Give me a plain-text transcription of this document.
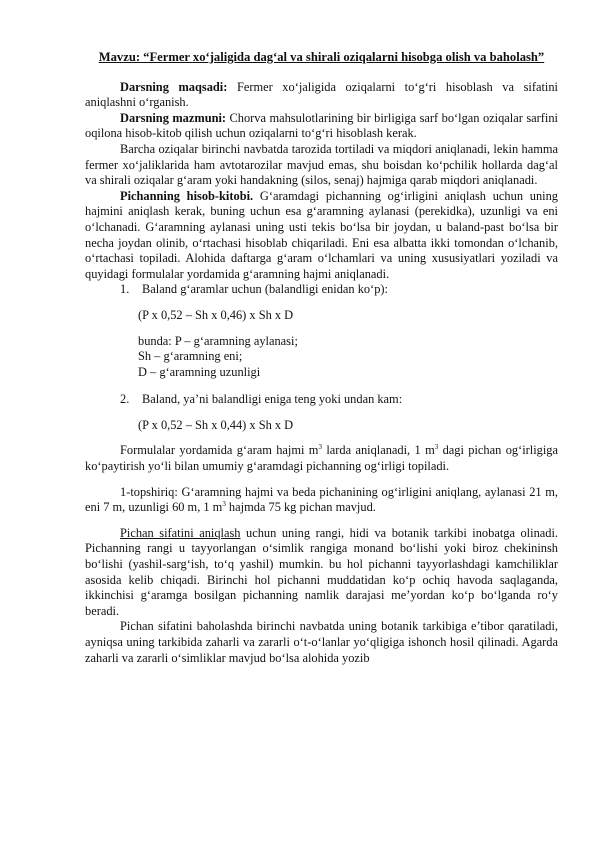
Mavzu: “Fermer xo‘jaligida dag‘al va shirali oziqalarni hisobga olish va baholash”

Darsning maqsadi: Fermer xo‘jaligida oziqalarni to‘g‘ri hisoblash va sifatini aniqlashni o‘rganish.

Darsning mazmuni: Chorva mahsulotlarining bir birligiga sarf bo‘lgan oziqalar sarfini oqilona hisob-kitob qilish uchun oziqalarni to‘g‘ri hisoblash kerak.

Barcha oziqalar birinchi navbatda tarozida tortiladi va miqdori aniqlanadi, lekin hamma fermer xo‘jaliklarida ham avtotarozilar mavjud emas, shu boisdan ko‘pchilik hollarda dag‘al va shirali oziqalar g‘aram yoki handakning (silos, senaj) hajmiga qarab miqdori aniqlanadi.

Pichanning hisob-kitobi. G‘aramdagi pichanning og‘irligini aniqlash uchun uning hajmini aniqlash kerak, buning uchun esa g‘aramning aylanasi (perekidka), uzunligi va eni o‘lchanadi. G‘aramning aylanasi uning usti tekis bo‘lsa bir joydan, u baland-past bo‘lsa bir necha joydan olinib, o‘rtachasi hisoblab chiqariladi. Eni esa albatta ikki tomondan o‘lchanib, o‘rtachasi topiladi. Alohida daftarga g‘aram o‘lchamlari va uning xususiyatlari yoziladi va quyidagi formulalar yordamida g‘aramning hajmi aniqlanadi.

1. Baland g‘aramlar uchun (balandligi enidan ko‘p):
(P x 0,52 – Sh x 0,46) x Sh x D
bunda: P – g‘aramning aylanasi;
Sh – g‘aramning eni;
D – g‘aramning uzunligi
2. Baland, ya’ni balandligi eniga teng yoki undan kam:
(P x 0,52 – Sh x 0,44) x Sh x D

Formulalar yordamida g‘aram hajmi $m^3$ larda aniqlanadi, 1 $m^3$ dagi pichan og‘irligiga ko‘paytirish yo‘li bilan umumiy g‘aramdagi pichanning og‘irligi topiladi.

1-topshiriq: G‘aramning hajmi va beda pichanining og‘irligini aniqlang, aylanasi 21 m, eni 7 m, uzunligi 60 m, 1 $m^3$ hajmda 75 kg pichan mavjud.

Pichan sifatini aniqlash uchun uning rangi, hidi va botanik tarkibi inobatga olinadi. Pichanning rangi u tayyorlangan o‘simlik rangiga monand bo‘lishi yoki biroz chekininsh bo‘lishi (yashil-sarg‘ish, to‘q yashil) mumkin. bu hol pichanni tayyorlashdagi kamchiliklar asosida kelib chiqadi. Birinchi hol pichanni muddatidan ko‘p ochiq havoda saqlaganda, ikkinchisi g‘aramga bosilgan pichanning namlik darajasi me’yordan ko‘p bo‘lganda ro‘y beradi.

Pichan sifatini baholashda birinchi navbatda uning botanik tarkibiga e’tibor qaratiladi, ayniqsa uning tarkibida zaharli va zararli o‘t-o‘lanlar yo‘qligiga ishonch hosil qilinadi. Agarda zaharli va zararli o‘simliklar mavjud bo‘lsa alohida yozib
